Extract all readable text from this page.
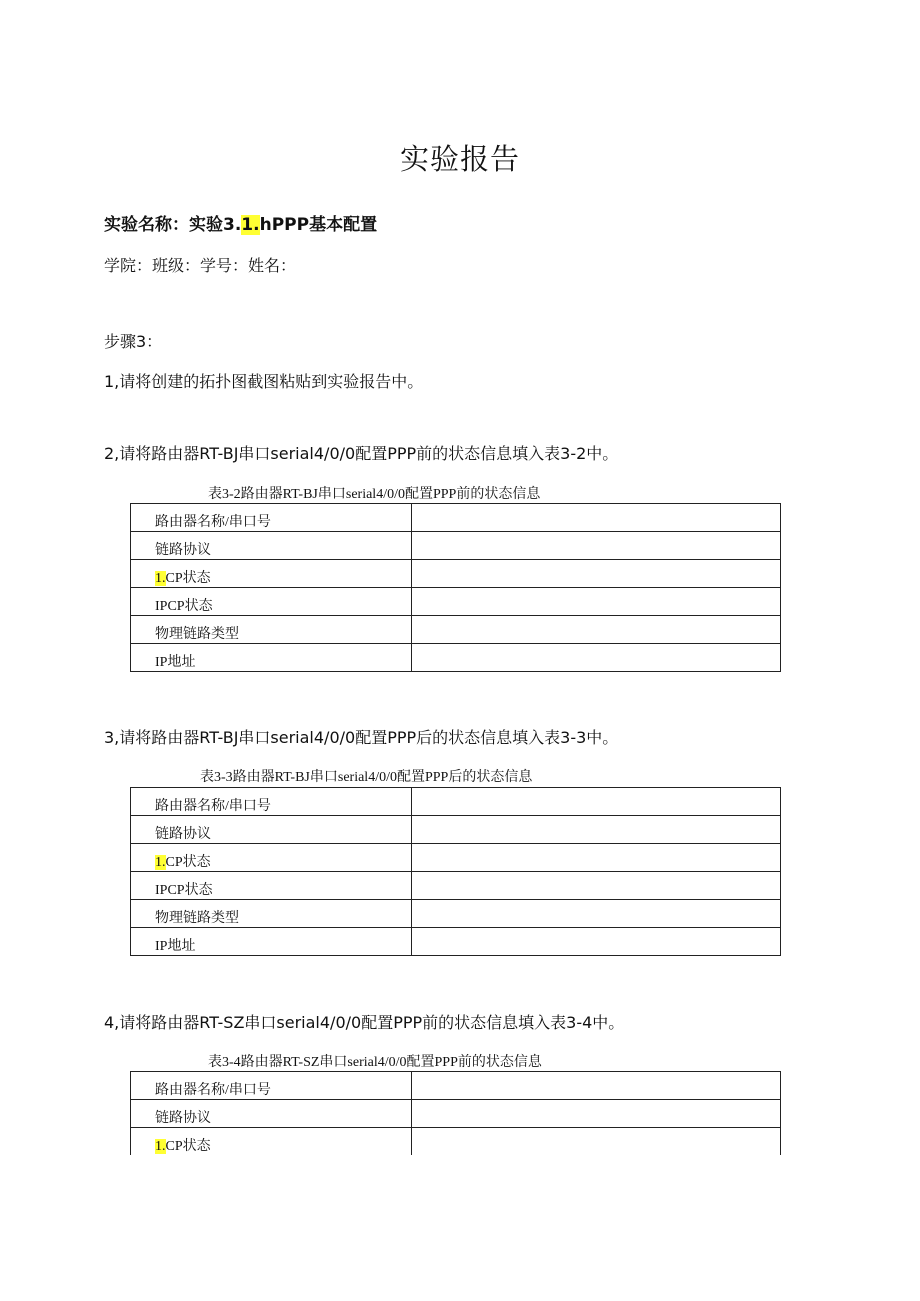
实验报告
实验名称：实验3.1.hPPP基本配置
学院：班级：学号：姓名：
步骤3：
1,请将创建的拓扑图截图粘贴到实验报告中。
2,请将路由器RT-BJ串口serial4/0/0配置PPP前的状态信息填入表3-2中。
表3-2路由器RT-BJ串口serial4/0/0配置PPP前的状态信息
路由器名称/串口号	
链路协议	
1.CP状态	
IPCP状态	
物理链路类型	
IP地址	
3,请将路由器RT-BJ串口serial4/0/0配置PPP后的状态信息填入表3-3中。
表3-3路由器RT-BJ串口serial4/0/0配置PPP后的状态信息
路由器名称/串口号	
链路协议	
1.CP状态	
IPCP状态	
物理链路类型	
IP地址	
4,请将路由器RT-SZ串口serial4/0/0配置PPP前的状态信息填入表3-4中。
表3-4路由器RT-SZ串口serial4/0/0配置PPP前的状态信息
路由器名称/串口号	
链路协议	
1.CP状态	
